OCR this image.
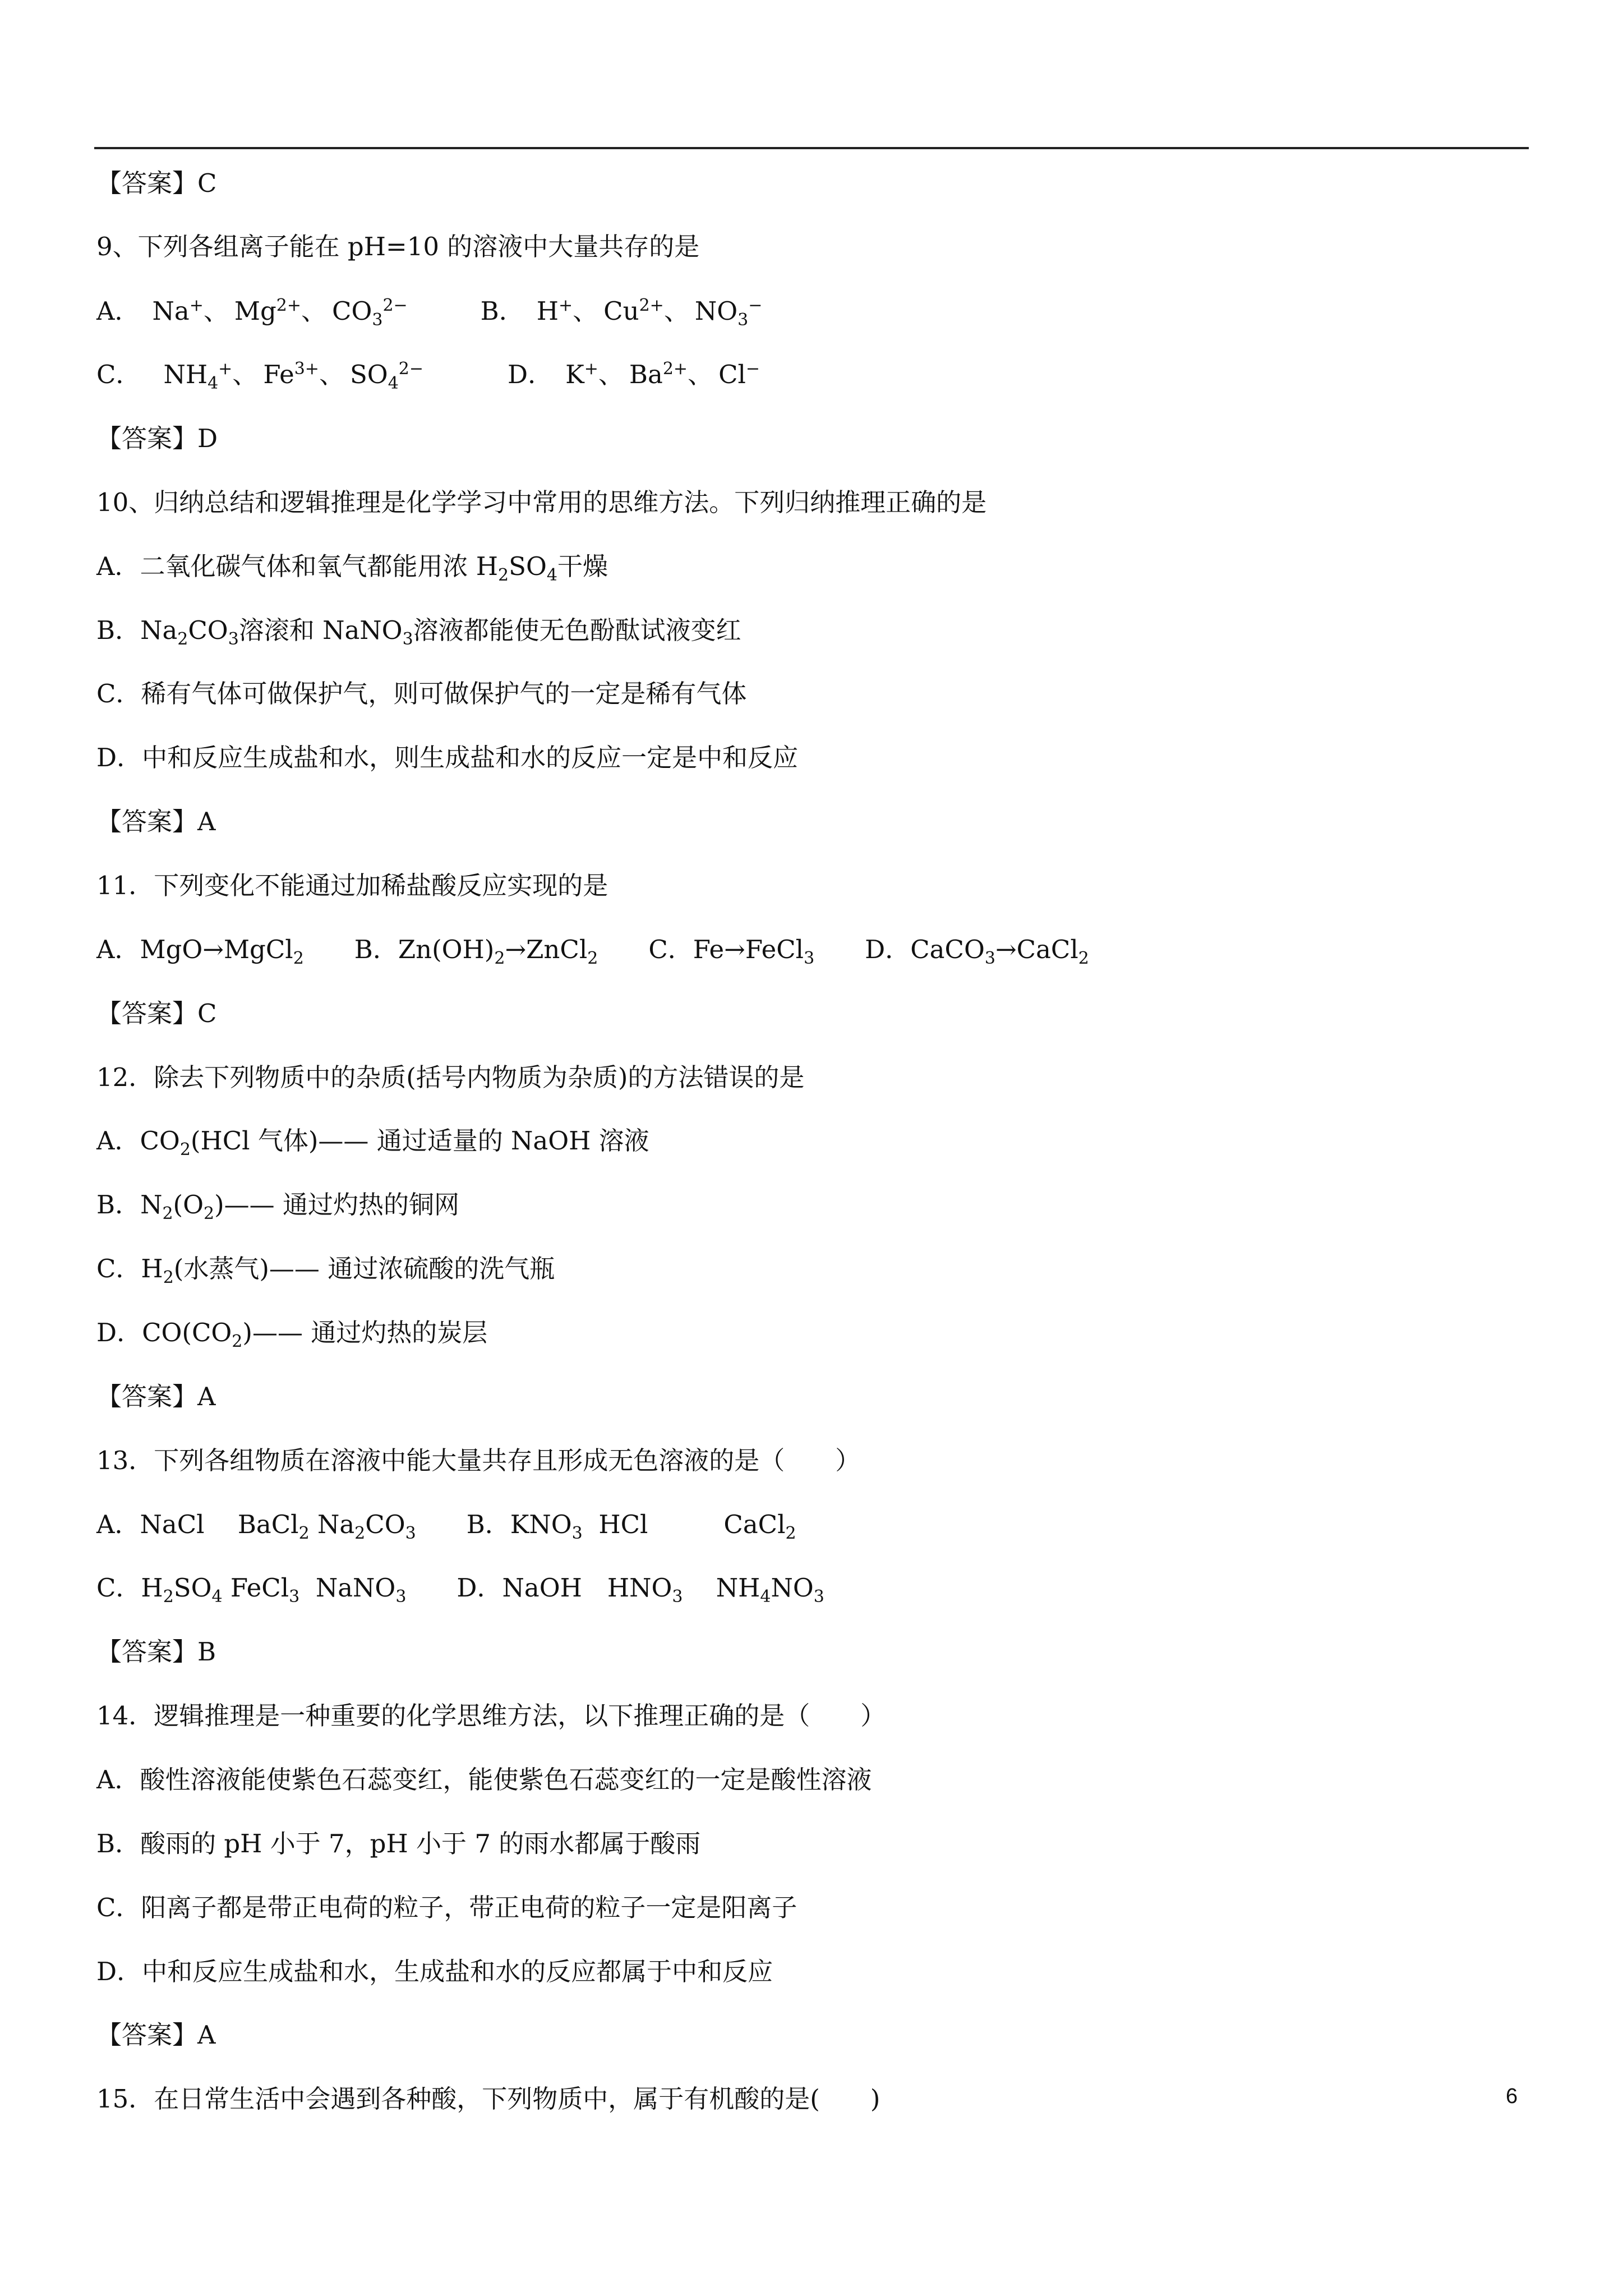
【答案】C
9、下列各组离子能在 pH=10 的溶液中大量共存的是
A． Na+、 $Mg^{2+}$、 $CO_3^{2-}$	B． H+、 $Cu^{2+}$、 $NO_3^-$
C． $NH_4^+$、 $Fe^{3+}$、 $SO_4^{2-}$	D． K+、 $Ba^{2+}$、 Cl−
【答案】D
10、归纳总结和逻辑推理是化学学习中常用的思维方法。下列归纳推理正确的是
A．二氧化碳气体和氧气都能用浓 $H_2SO_4$干燥
B．$Na_2CO_3$溶滚和 NaNO$_3$溶液都能使无色酚酞试液变红
C．稀有气体可做保护气，则可做保护气的一定是稀有气体
D．中和反应生成盐和水，则生成盐和水的反应一定是中和反应
【答案】A
11．下列变化不能通过加稀盐酸反应实现的是
A．MgO→MgCl$_2$ B．$Zn(OH)_2\to ZnCl_2$ C．Fe→FeCl$_3$ D．CaCO$_3$→CaCl$_2$
【答案】C
12．除去下列物质中的杂质(括号内物质为杂质)的方法错误的是
A．$CO_2(HCl$ 气体)—— 通过适量的 NaOH 溶液
B．$N_2(O_2)——$ 通过灼热的铜网
C．$H_2$(水蒸气)—— 通过浓硫酸的洗气瓶
D．$CO(CO_2)——$ 通过灼热的炭层
【答案】A
13．下列各组物质在溶液中能大量共存且形成无色溶液的是（　　）
A．NaCl　 BaCl$_2$ $Na_2CO_3$ B．$KNO_3$  HCl　　　CaCl$_2$
C．$H_2SO_4$ FeCl$_3$  NaNO$_3$ D．NaOH　$HNO_3$　 $NH_4NO_3$
【答案】B
14．逻辑推理是一种重要的化学思维方法，以下推理正确的是（　　）
A．酸性溶液能使紫色石蕊变红，能使紫色石蕊变红的一定是酸性溶液
B．酸雨的 pH 小于 7，pH 小于 7 的雨水都属于酸雨
C．阳离子都是带正电荷的粒子，带正电荷的粒子一定是阳离子
D．中和反应生成盐和水，生成盐和水的反应都属于中和反应
【答案】A
15．在日常生活中会遇到各种酸，下列物质中，属于有机酸的是(　　)	6
